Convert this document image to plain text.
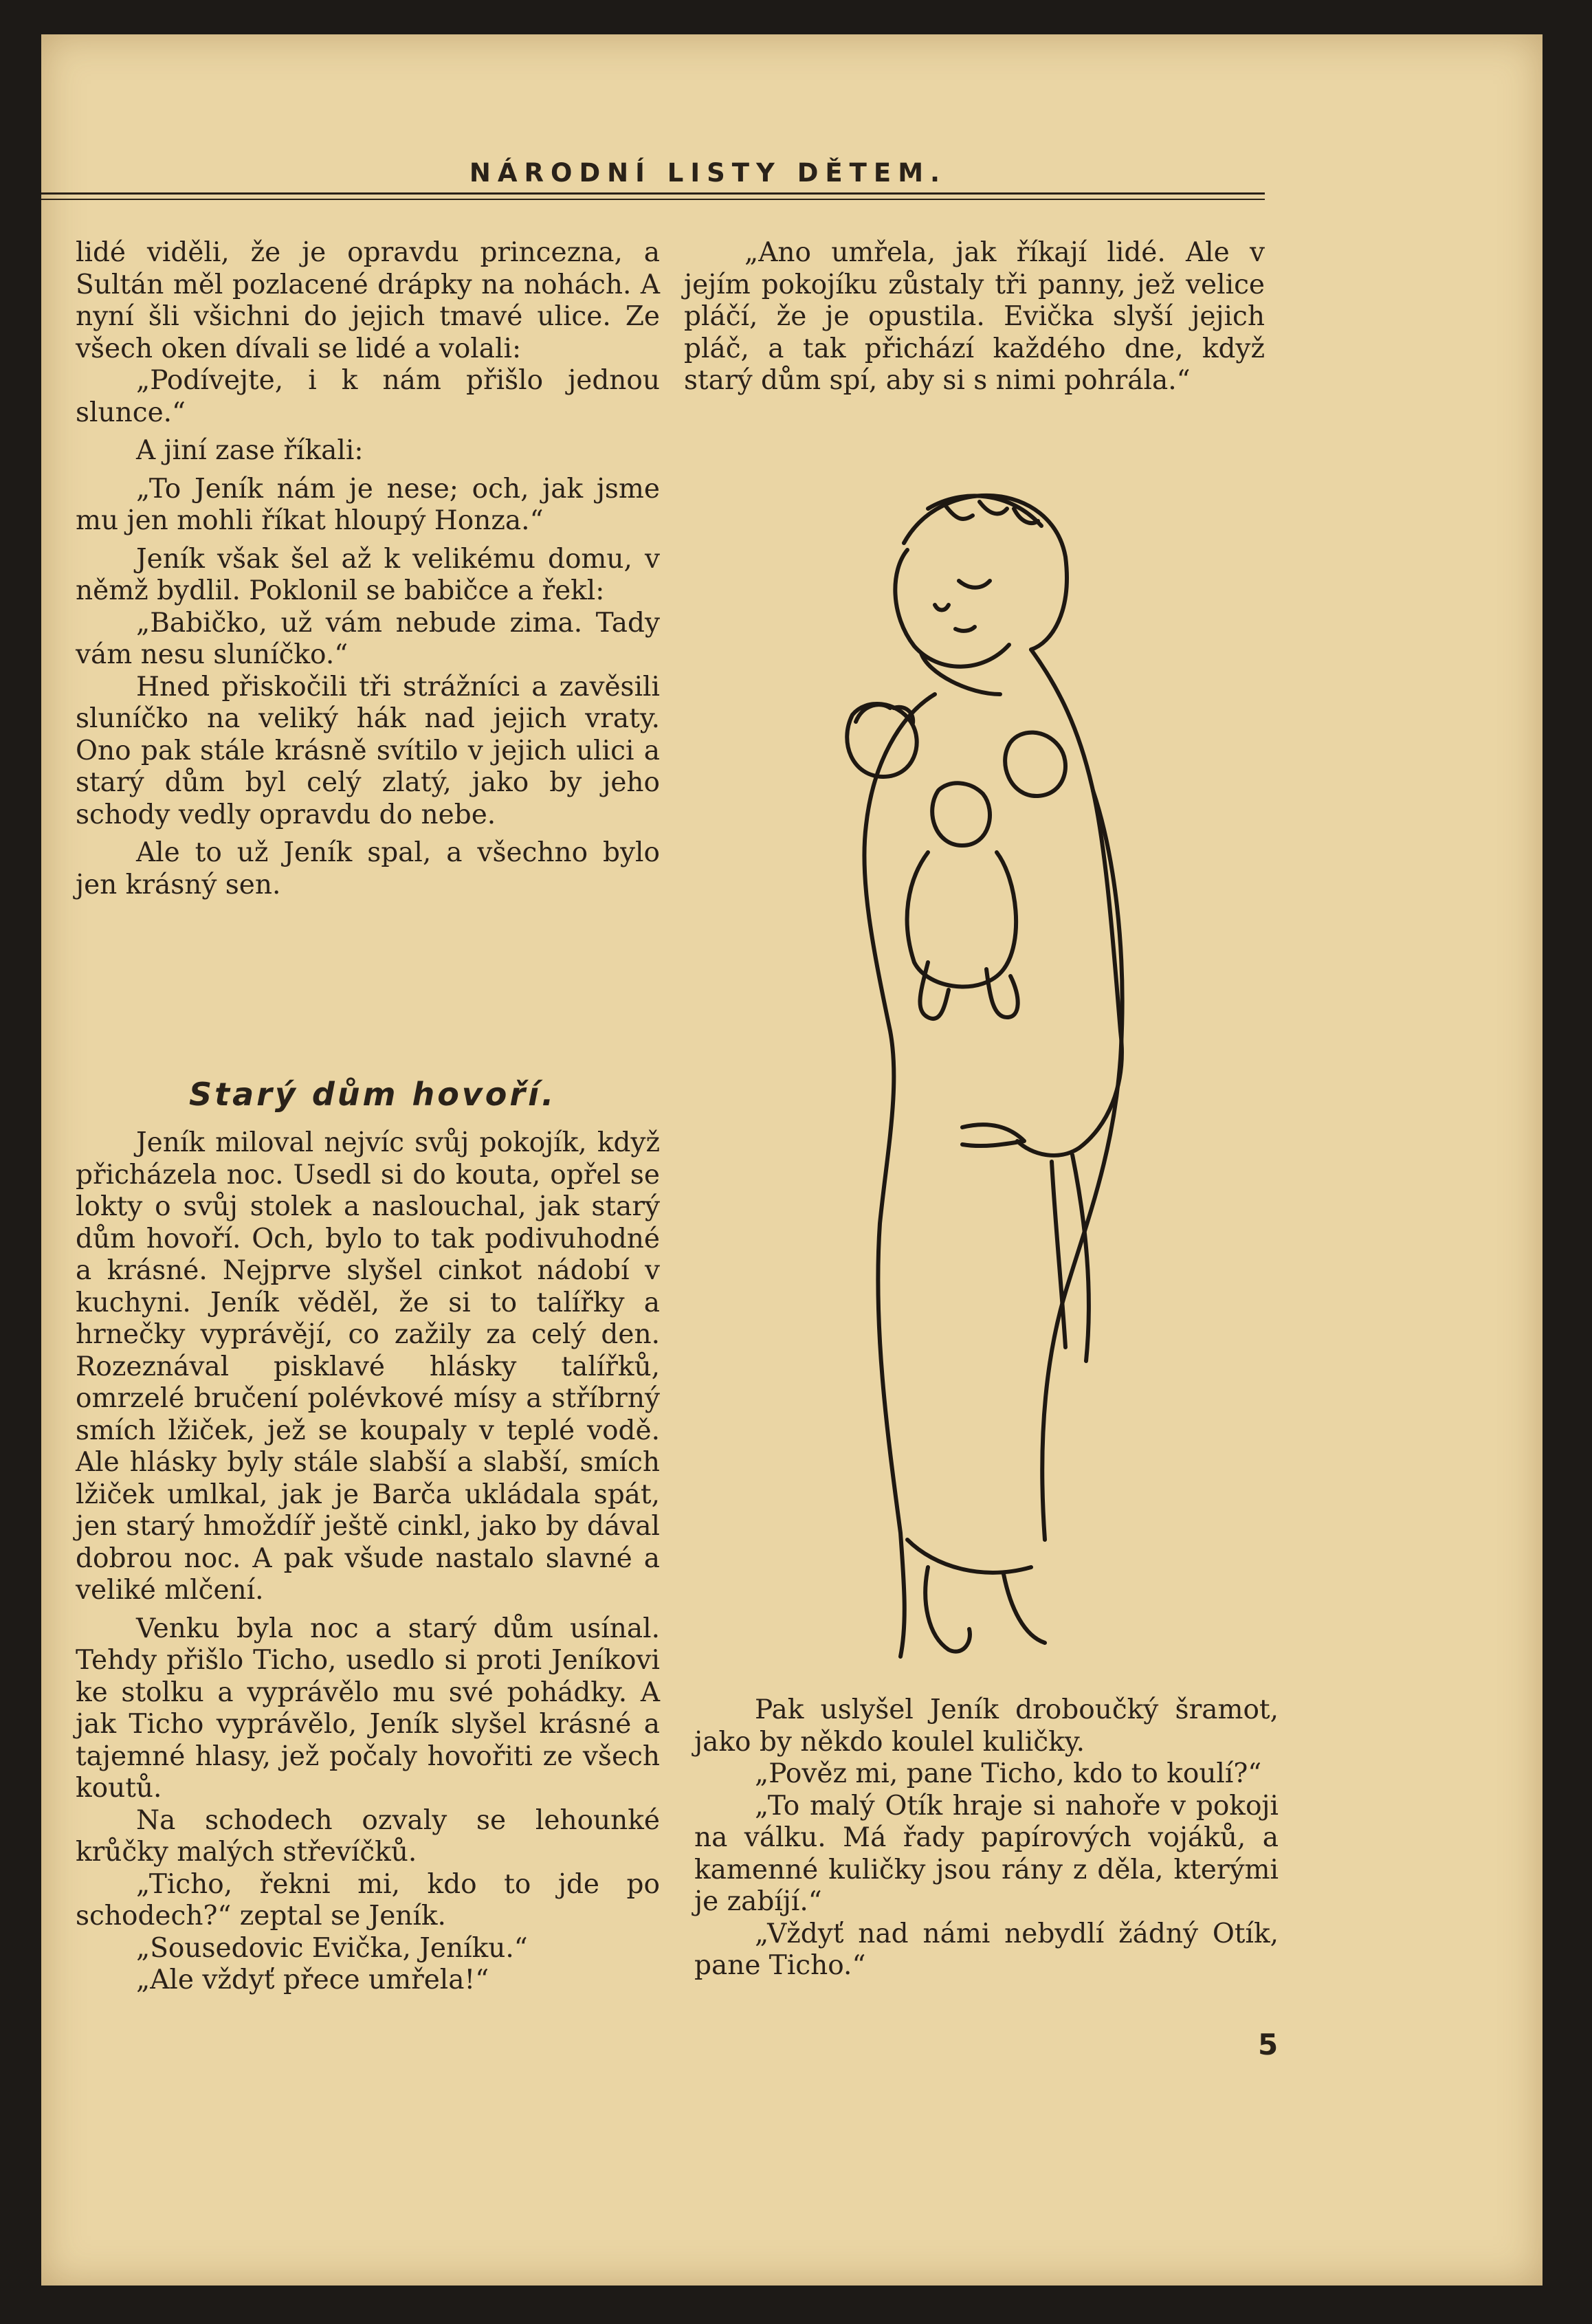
NÁRODNÍ LISTY DĚTEM.

lidé viděli, že je opravdu princezna, a Sultán měl pozlacené drápky na nohách. A nyní šli všichni do jejich tmavé ulice. Ze všech oken dívali se lidé a volali:

„Podívejte, i k nám přišlo jednou slunce.“

A jiní zase říkali:

„To Jeník nám je nese; och, jak jsme mu jen mohli říkat hloupý Honza.“

Jeník však šel až k velikému domu, v němž bydlil. Poklonil se babičce a řekl:

„Babičko, už vám nebude zima. Tady vám nesu sluníčko.“

Hned přiskočili tři strážníci a zavěsili sluníčko na veliký hák nad jejich vraty. Ono pak stále krásně svítilo v jejich ulici a starý dům byl celý zlatý, jako by jeho schody vedly opravdu do nebe.

Ale to už Jeník spal, a všechno bylo jen krásný sen.

Starý dům hovoří.

Jeník miloval nejvíc svůj pokojík, když přicházela noc. Usedl si do kouta, opřel se lokty o svůj stolek a naslouchal, jak starý dům hovoří. Och, bylo to tak podivuhodné a krásné. Nejprve slyšel cinkot nádobí v kuchyni. Jeník věděl, že si to talířky a hrnečky vyprávějí, co zažily za celý den. Rozeznával pisklavé hlásky talířků, omrzelé bručení polévkové mísy a stříbrný smích lžiček, jež se koupaly v teplé vodě. Ale hlásky byly stále slabší a slabší, smích lžiček umlkal, jak je Barča ukládala spát, jen starý hmoždíř ještě cinkl, jako by dával dobrou noc. A pak všude nastalo slavné a veliké mlčení.

Venku byla noc a starý dům usínal. Tehdy přišlo Ticho, usedlo si proti Jeníkovi ke stolku a vyprávělo mu své pohádky. A jak Ticho vyprávělo, Jeník slyšel krásné a tajemné hlasy, jež počaly hovořiti ze všech koutů.

Na schodech ozvaly se lehounké krůčky malých střevíčků.

„Ticho, řekni mi, kdo to jde po schodech?“ zeptal se Jeník.

„Sousedovic Evička, Jeníku.“

„Ale vždyť přece umřela!“

„Ano umřela, jak říkají lidé. Ale v jejím pokojíku zůstaly tři panny, jež velice pláčí, že je opustila. Evička slyší jejich pláč, a tak přichází každého dne, když starý dům spí, aby si s nimi pohrála.“

Pak uslyšel Jeník droboučký šramot, jako by někdo koulel kuličky.

„Pověz mi, pane Ticho, kdo to koulí?“

„To malý Otík hraje si nahoře v pokoji na válku. Má řady papírových vojáků, a kamenné kuličky jsou rány z děla, kterými je zabíjí.“

„Vždyť nad námi nebydlí žádný Otík, pane Ticho.“

5
